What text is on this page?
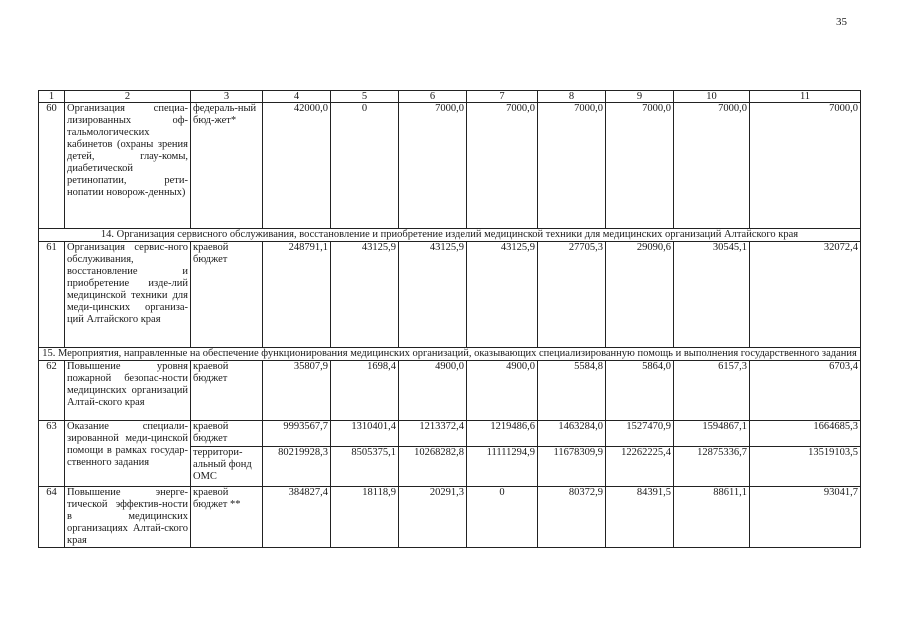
35
1	2	3	4	5	6	7	8	9	10	11
60	Организация специа-лизированных оф-тальмологических кабинетов (охраны зрения детей, глау-комы, диабетической ретинопатии, рети-нопатии новорож-денных)	федераль-ный бюд-жет*	42000,0	0	7000,0	7000,0	7000,0	7000,0	7000,0	7000,0
14. Организация сервисного обслуживания, восстановление и приобретение изделий медицинской техники для медицинских организаций Алтайского края										
61	Организация сервис-ного обслуживания, восстановление и приобретение изде-лий медицинской техники для меди-цинских организа-ций Алтайского края	краевой бюджет	248791,1	43125,9	43125,9	43125,9	27705,3	29090,6	30545,1	32072,4
15. Мероприятия, направленные на обеспечение функционирования медицинских организаций, оказывающих специализированную помощь и выполнения государственного задания										
62	Повышение уровня пожарной безопас-ности медицинских организаций Алтай-ского края	краевой бюджет	35807,9	1698,4	4900,0	4900,0	5584,8	5864,0	6157,3	6703,4
63	Оказание специали-зированной меди-цинской помощи в рамках государ-ственного задания	краевой бюджет	9993567,7	1310401,4	1213372,4	1219486,6	1463284,0	1527470,9	1594867,1	1664685,3
		территори-альный фонд ОМС	80219928,3	8505375,1	10268282,8	11111294,9	11678309,9	12262225,4	12875336,7	13519103,5
64	Повышение энерге-тической эффектив-ности в медицинских организациях Алтай-ского края	краевой бюджет **	384827,4	18118,9	20291,3	0	80372,9	84391,5	88611,1	93041,7
